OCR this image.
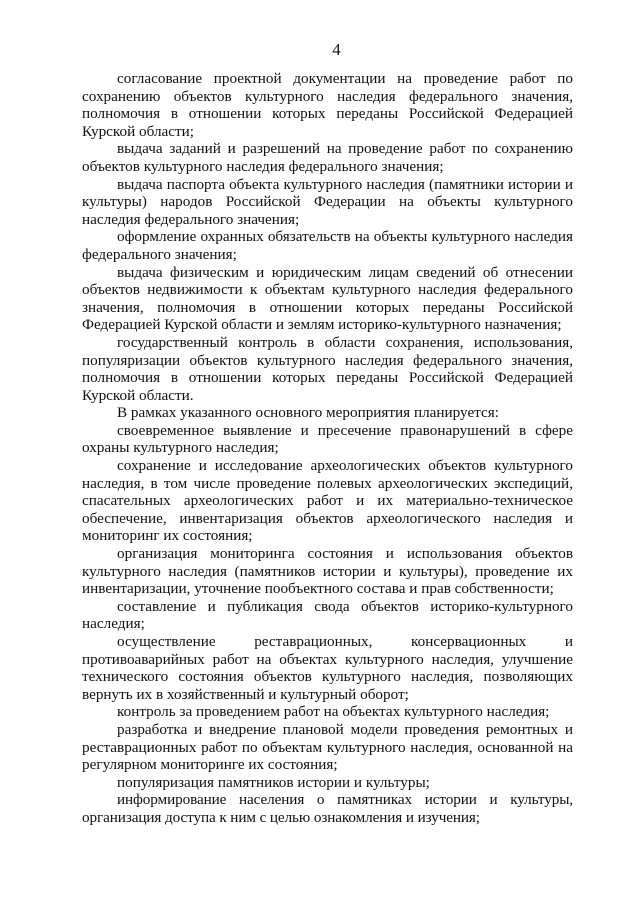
4

согласование проектной документации на проведение работ по сохранению объектов культурного наследия федерального значения, полномочия в отношении которых переданы Российской Федерацией Курской области;

выдача заданий и разрешений на проведение работ по сохранению объектов культурного наследия федерального значения;

выдача паспорта объекта культурного наследия (памятники истории и культуры) народов Российской Федерации на объекты культурного наследия федерального значения;

оформление охранных обязательств на объекты культурного наследия федерального значения;

выдача физическим и юридическим лицам сведений об отнесении объектов недвижимости к объектам культурного наследия федерального значения, полномочия в отношении которых переданы Российской Федерацией Курской области и землям историко-культурного назначения;

государственный контроль в области сохранения, использования, популяризации объектов культурного наследия федерального значения, полномочия в отношении которых переданы Российской Федерацией Курской области.

В рамках указанного основного мероприятия планируется:

своевременное выявление и пресечение правонарушений в сфере охраны культурного наследия;

сохранение и исследование археологических объектов культурного наследия, в том числе проведение полевых археологических экспедиций, спасательных археологических работ и их материально-техническое обеспечение, инвентаризация объектов археологического наследия и мониторинг их состояния;

организация мониторинга состояния и использования объектов культурного наследия (памятников истории и культуры), проведение их инвентаризации, уточнение пообъектного состава и прав собственности;

составление и публикация свода объектов историко-культурного наследия;

осуществление реставрационных, консервационных и противоаварийных работ на объектах культурного наследия, улучшение технического состояния объектов культурного наследия, позволяющих вернуть их в хозяйственный и культурный оборот;

контроль за проведением работ на объектах культурного наследия;

разработка и внедрение плановой модели проведения ремонтных и реставрационных работ по объектам культурного наследия, основанной на регулярном мониторинге их состояния;

популяризация памятников истории и культуры;

информирование населения о памятниках истории и культуры, организация доступа к ним с целью ознакомления и изучения;
